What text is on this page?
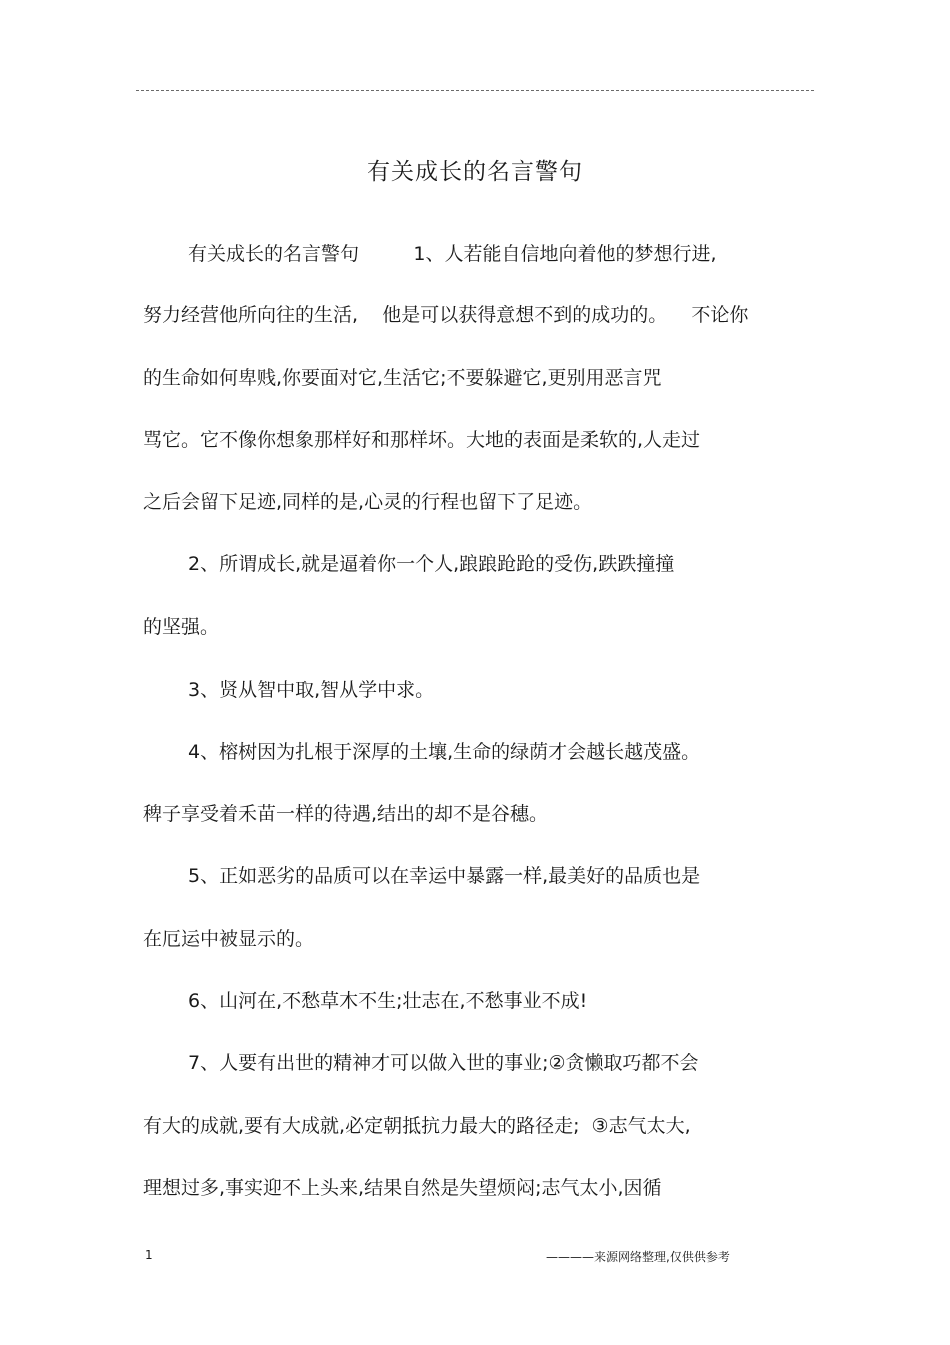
有关成长的名言警句
有关成长的名言警句         1、人若能自信地向着他的梦想行进,
努力经营他所向往的生活,    他是可以获得意想不到的成功的。    不论你
的生命如何卑贱,你要面对它,生活它;不要躲避它,更别用恶言咒
骂它。它不像你想象那样好和那样坏。大地的表面是柔软的,人走过
之后会留下足迹,同样的是,心灵的行程也留下了足迹。
2、所谓成长,就是逼着你一个人,踉踉跄跄的受伤,跌跌撞撞
的坚强。
3、贤从智中取,智从学中求。
4、榕树因为扎根于深厚的土壤,生命的绿荫才会越长越茂盛。
稗子享受着禾苗一样的待遇,结出的却不是谷穗。
5、正如恶劣的品质可以在幸运中暴露一样,最美好的品质也是
在厄运中被显示的。
6、山河在,不愁草木不生;壮志在,不愁事业不成!
7、人要有出世的精神才可以做入世的事业;②贪懒取巧都不会
有大的成就,要有大成就,必定朝抵抗力最大的路径走;  ③志气太大,
理想过多,事实迎不上头来,结果自然是失望烦闷;志气太小,因循
1	————来源网络整理,仅供供参考
